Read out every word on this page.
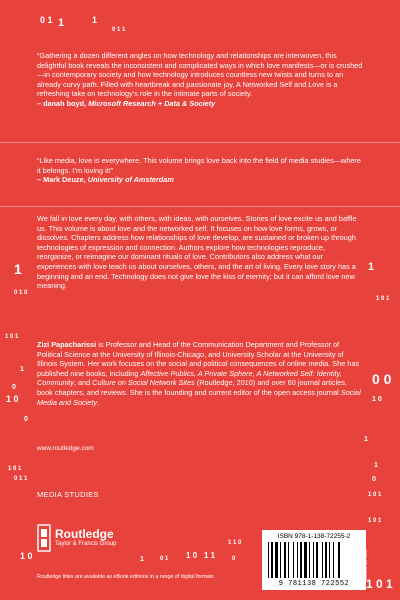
0 1 1	1
0 1 1
1
0 1 0
1 0 1
1
1 0 1
0 0
1 0
1 0
0
1
0
1 0 1
0 1 1
1
1
0
1 0 1
1 0 1
1 0	1	0 1 1 0	0
1 1
1 1 0
1 0 1
“Gathering a dozen different angles on how technology and relationships are interwoven, this delightful book reveals the inconsistent and complicated ways in which love manifests—or is crushed—in contemporary society and how technology introduces countless new twists and turns to an already curvy path. Filled with heartbreak and passionate joy, A Networked Self and Love is a refreshing take on technology’s role in the intimate parts of society.
– danah boyd, Microsoft Research + Data & Society
“Like media, love is everywhere. This volume brings love back into the field of media studies—where it belongs. I’m loving it!”
– Mark Deuze, University of Amsterdam
We fall in love every day, with others, with ideas, with ourselves. Stories of love excite us and baffle us. This volume is about love and the networked self. It focuses on how love forms, grows, or dissolves. Chapters address how relationships of love develop, are sustained or broken up through technologies of expression and connection. Authors explore how technologies reproduce, reorganize, or reimagine our dominant rituals of love. Contributors also address what our experiences with love teach us about ourselves, others, and the art of living. Every love story has a beginning and an end. Technology does not give love the kiss of eternity; but it can afford love new meaning.
Zizi Papacharissi is Professor and Head of the Communication Department and Professor of Political Science at the University of Illinois-Chicago, and University Scholar at the University of Illinois System. Her work focuses on the social and political consequences of online media. She has published nine books, including Affective Publics, A Private Sphere, A Networked Self: Identity, Community, and Culture on Social Network Sites (Routledge, 2010) and over 60 journal articles, book chapters, and reviews. She is the founding and current editor of the open access journal Social Media and Society.
www.routledge.com
MEDIA STUDIES
Routledge
Taylor & Francis Group
Routledge titles are available as eBook editions in a range of digital formats
ISBN 978-1-138-72255-2
9 781138 722552
ROUTLEDGE
